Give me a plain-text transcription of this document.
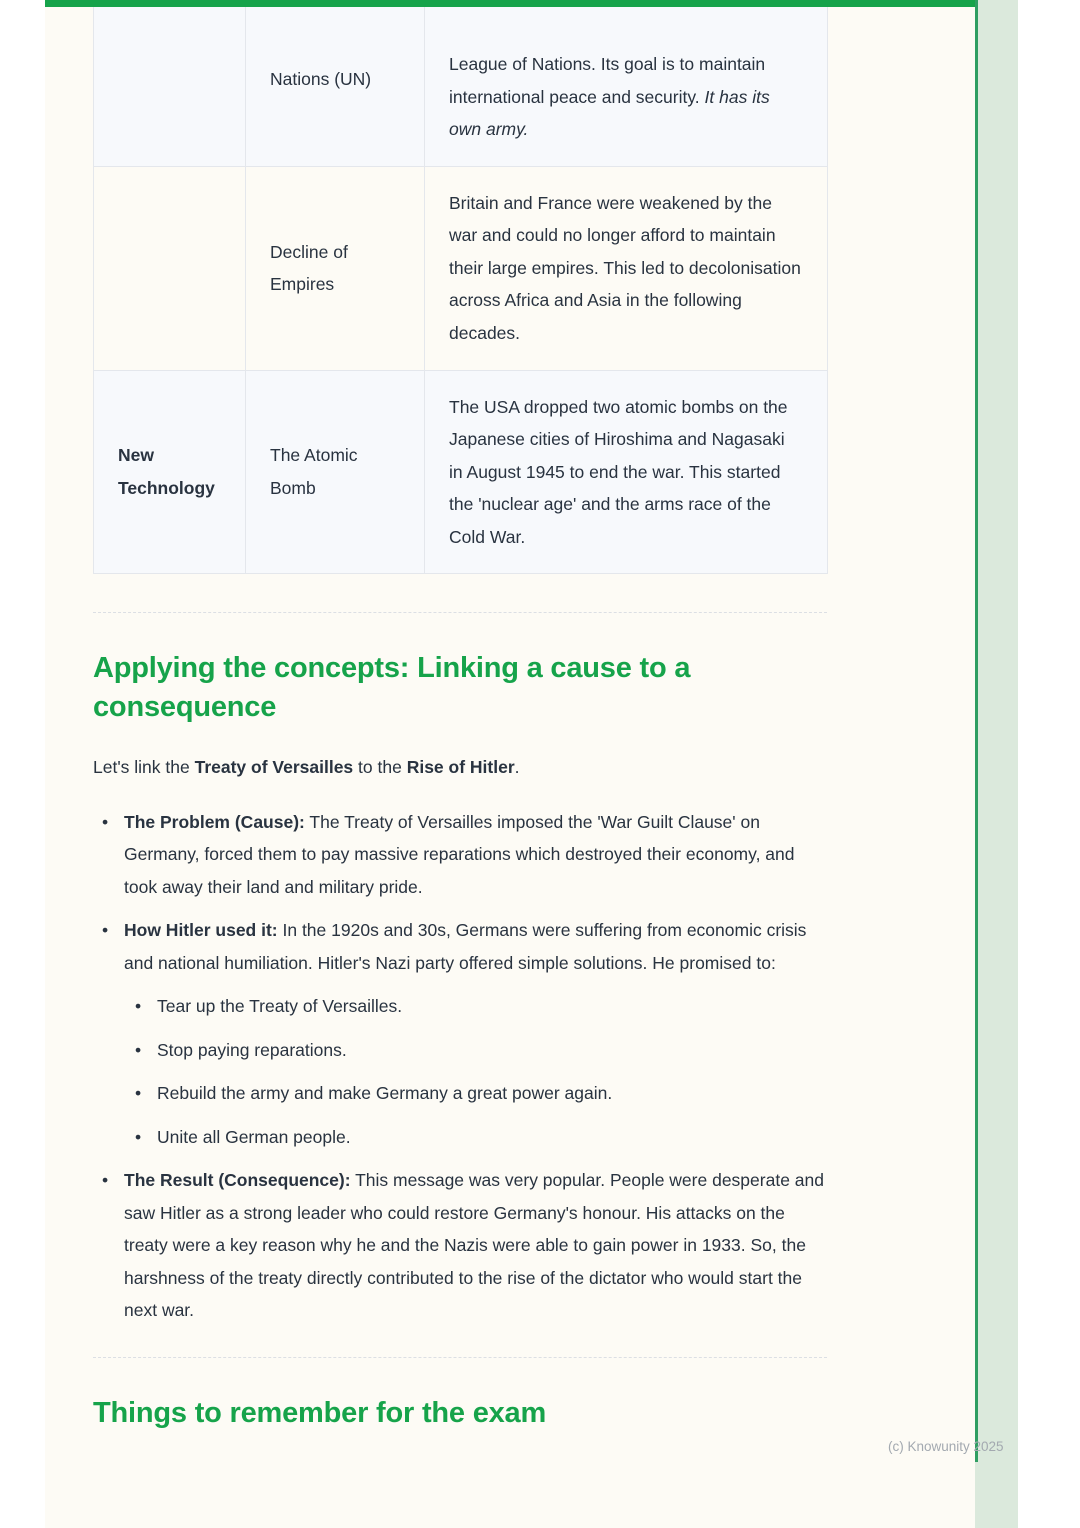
	Nations (UN)	League of Nations. Its goal is to maintain international peace and security. It has its own army.
	Decline of Empires	Britain and France were weakened by the war and could no longer afford to maintain their large empires. This led to decolonisation across Africa and Asia in the following decades.
New Technology	The Atomic Bomb	The USA dropped two atomic bombs on the Japanese cities of Hiroshima and Nagasaki in August 1945 to end the war. This started the 'nuclear age' and the arms race of the Cold War.
Applying the concepts: Linking a cause to a consequence

Let's link the Treaty of Versailles to the Rise of Hitler.

• The Problem (Cause): The Treaty of Versailles imposed the 'War Guilt Clause' on Germany, forced them to pay massive reparations which destroyed their economy, and took away their land and military pride.
• How Hitler used it: In the 1920s and 30s, Germans were suffering from economic crisis and national humiliation. Hitler's Nazi party offered simple solutions. He promised to:
• Tear up the Treaty of Versailles.
• Stop paying reparations.
• Rebuild the army and make Germany a great power again.
• Unite all German people.
• The Result (Consequence): This message was very popular. People were desperate and saw Hitler as a strong leader who could restore Germany's honour. His attacks on the treaty were a key reason why he and the Nazis were able to gain power in 1933. So, the harshness of the treaty directly contributed to the rise of the dictator who would start the next war.
Things to remember for the exam
(c) Knowunity 2025
